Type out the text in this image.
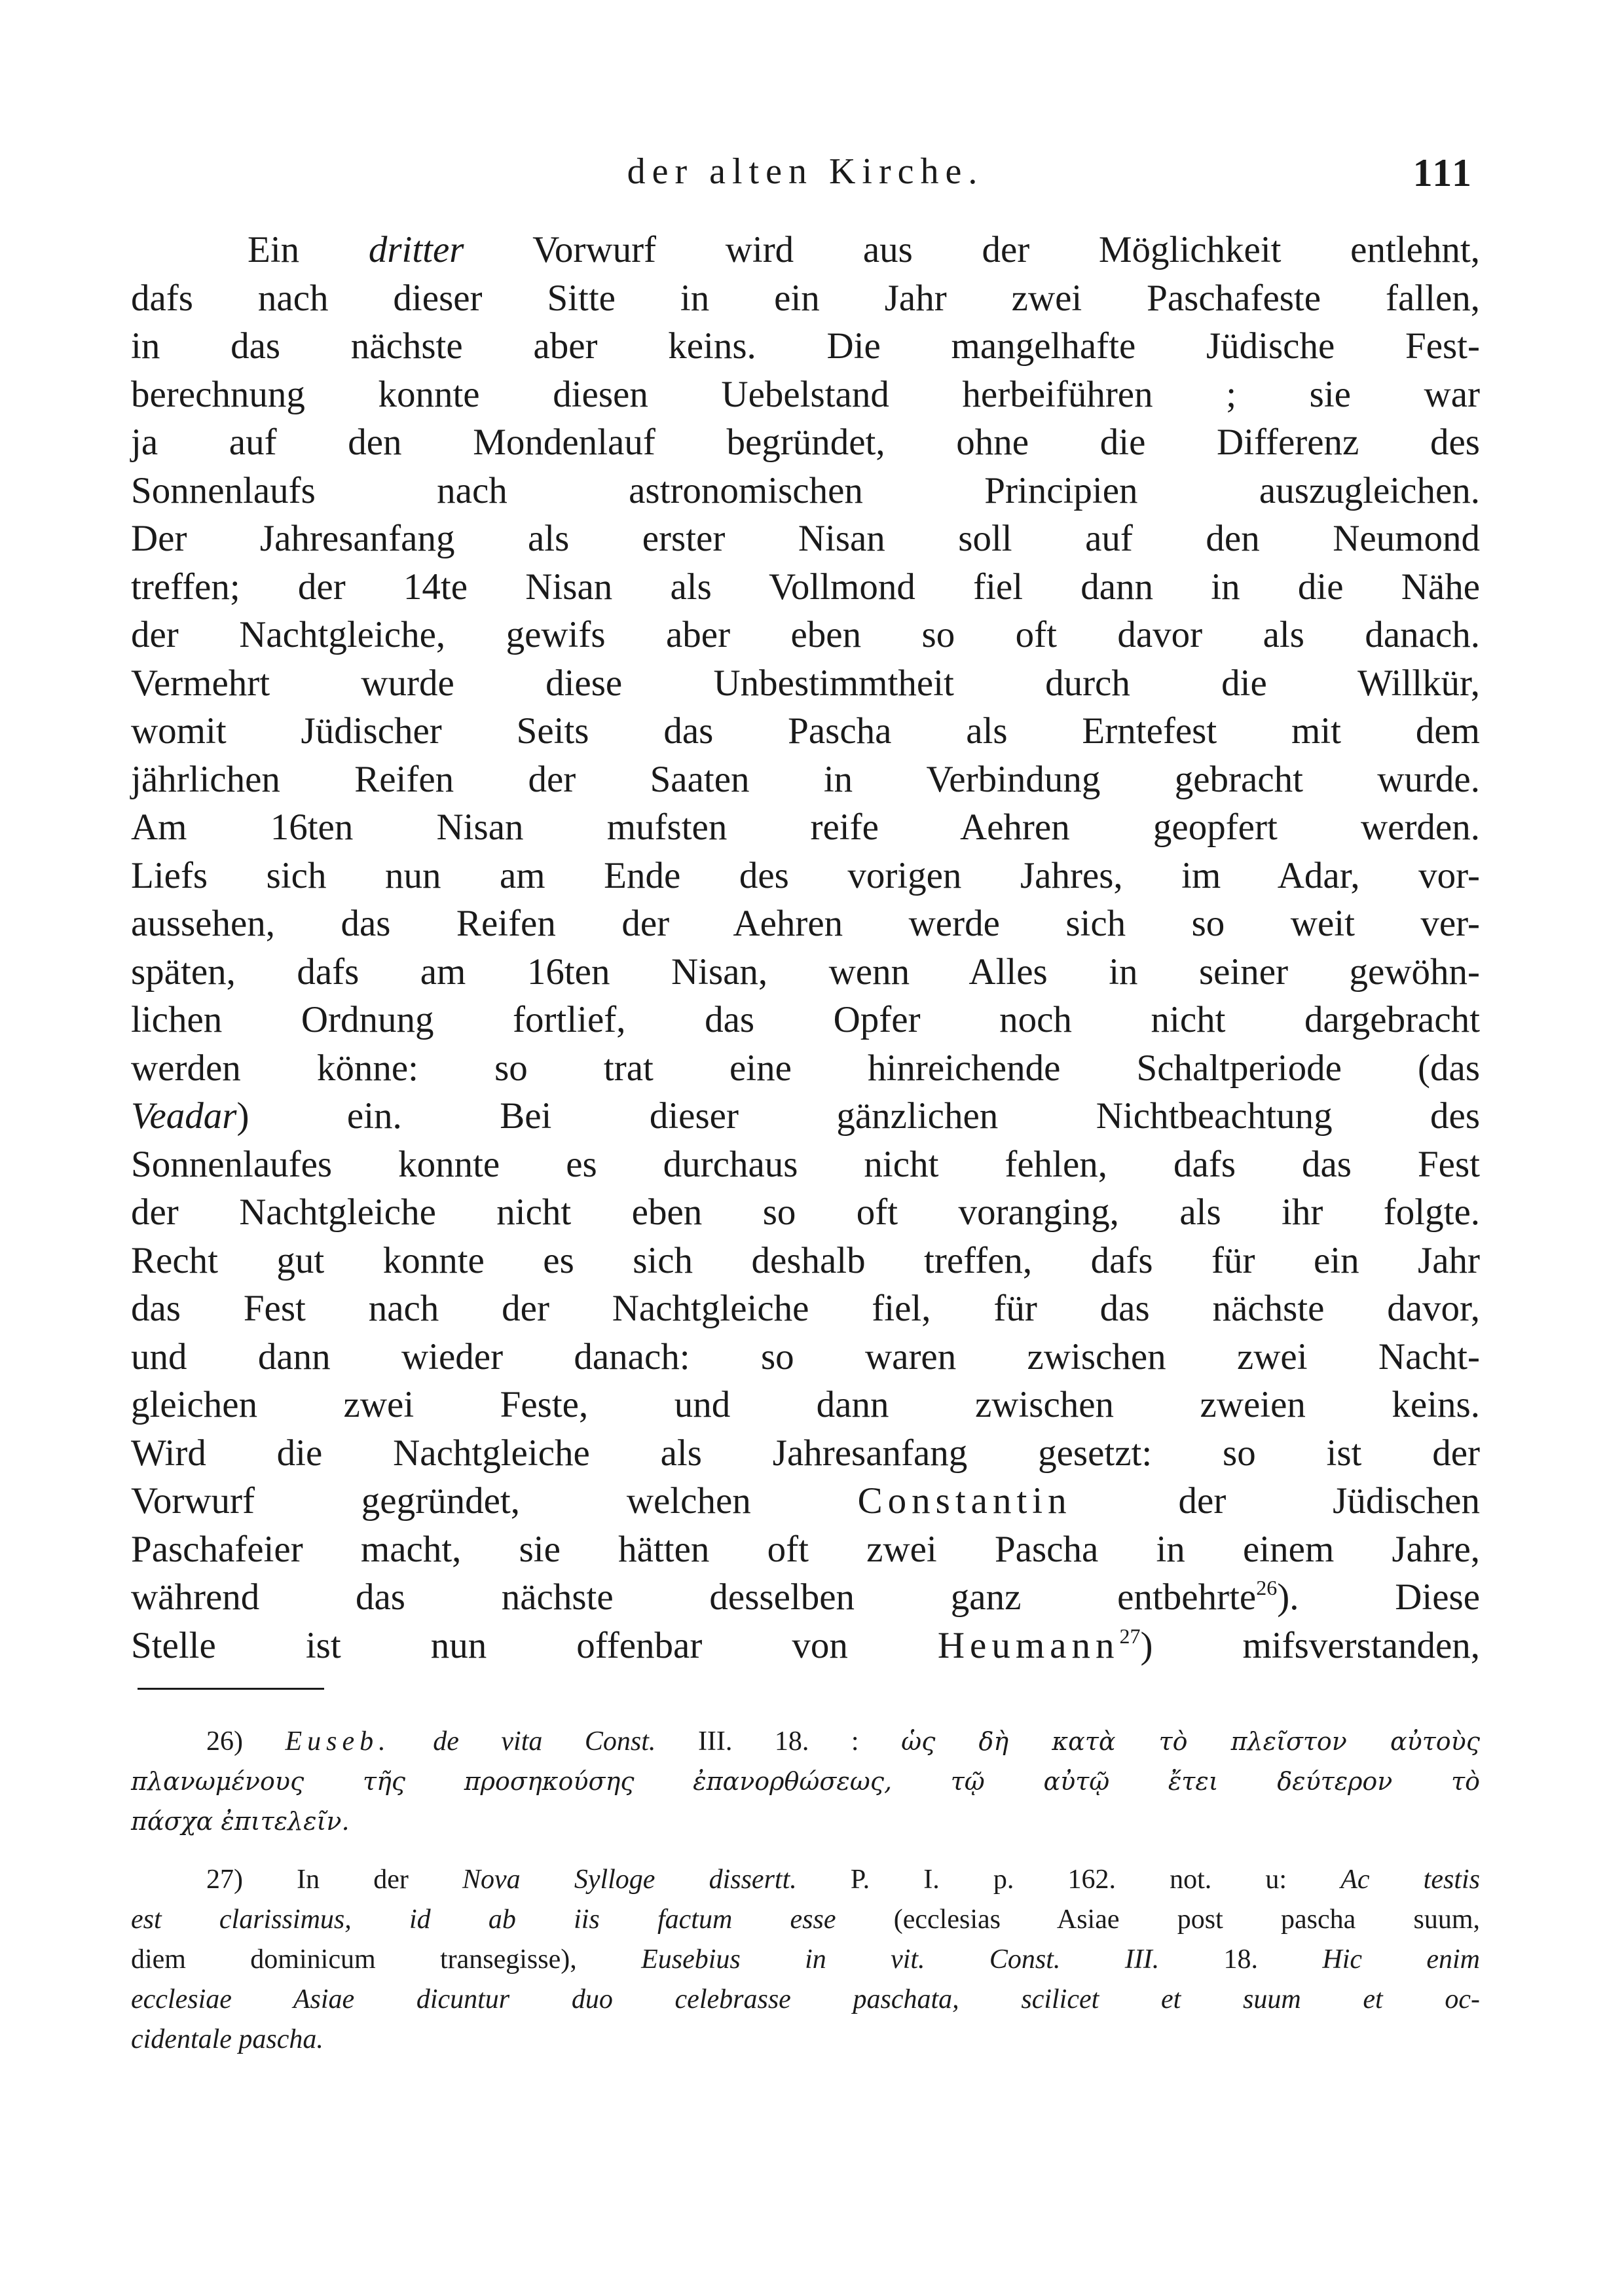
der alten Kirche.	111
Ein dritter Vorwurf wird aus der Möglichkeit entlehnt,
dafs nach dieser Sitte in ein Jahr zwei Paschafeste fallen,
in das nächste aber keins. Die mangelhafte Jüdische Fest-
berechnung konnte diesen Uebelstand herbeiführen ; sie war
ja auf den Mondenlauf begründet, ohne die Differenz des
Sonnenlaufs nach astronomischen Principien auszugleichen.
Der Jahresanfang als erster Nisan soll auf den Neumond
treffen; der 14te Nisan als Vollmond fiel dann in die Nähe
der Nachtgleiche, gewifs aber eben so oft davor als danach.
Vermehrt wurde diese Unbestimmtheit durch die Willkür,
womit Jüdischer Seits das Pascha als Erntefest mit dem
jährlichen Reifen der Saaten in Verbindung gebracht wurde.
Am 16ten Nisan mufsten reife Aehren geopfert werden.
Liefs sich nun am Ende des vorigen Jahres, im Adar, vor-
aussehen, das Reifen der Aehren werde sich so weit ver-
späten, dafs am 16ten Nisan, wenn Alles in seiner gewöhn-
lichen Ordnung fortlief, das Opfer noch nicht dargebracht
werden könne: so trat eine hinreichende Schaltperiode (das
Veadar) ein. Bei dieser gänzlichen Nichtbeachtung des
Sonnenlaufes konnte es durchaus nicht fehlen, dafs das Fest
der Nachtgleiche nicht eben so oft voranging, als ihr folgte.
Recht gut konnte es sich deshalb treffen, dafs für ein Jahr
das Fest nach der Nachtgleiche fiel, für das nächste davor,
und dann wieder danach: so waren zwischen zwei Nacht-
gleichen zwei Feste, und dann zwischen zweien keins.
Wird die Nachtgleiche als Jahresanfang gesetzt: so ist der
Vorwurf gegründet, welchen Constantin der Jüdischen
Paschafeier macht, sie hätten oft zwei Pascha in einem Jahre,
während das nächste desselben ganz entbehrte$^{26}$). Diese
Stelle ist nun offenbar von Heumann$^{27}$) mifsverstanden,
26) Euseb. de vita Const. III. 18. : ὡς δὴ κατὰ τὸ πλεῖστον αὐτοὺς
πλανωμένους τῆς προσηκούσης ἐπανορθώσεως, τῷ αὐτῷ ἔτει δεύτερον τὸ
πάσχα ἐπιτελεῖν.
27) In der Nova Sylloge dissertt. P. I. p. 162. not. u: Ac testis
est clarissimus, id ab iis factum esse (ecclesias Asiae post pascha suum,
diem dominicum transegisse), Eusebius in vit. Const. III. 18. Hic enim
ecclesiae Asiae dicuntur duo celebrasse paschata, scilicet et suum et oc-
cidentale pascha.
